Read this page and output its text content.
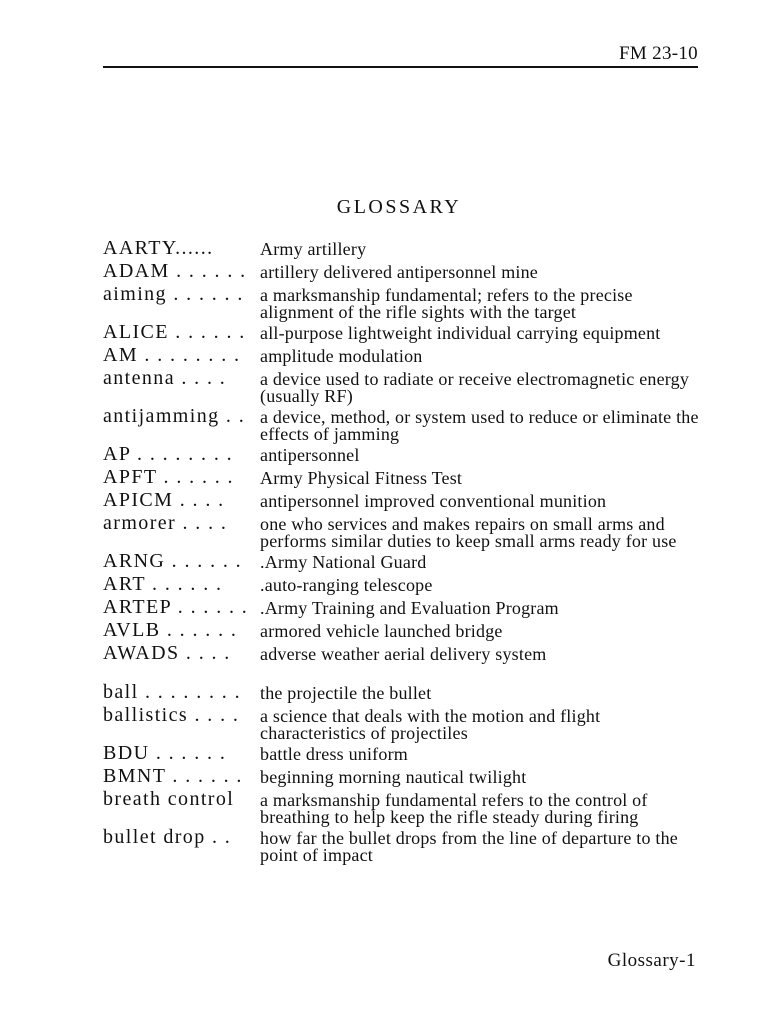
FM 23-10
GLOSSARY
AARTY......	Army artillery
ADAM . . . . . . artillery delivered antipersonnel mine
aiming . . . . . . a marksmanship fundamental; refers to the precise alignment of the rifle sights with the target
ALICE . . . . . . all-purpose lightweight individual carrying equipment
AM . . . . . . . .	amplitude modulation
antenna . . . .	a device used to radiate or receive electromagnetic energy (usually RF)
antijamming . . a device, method, or system used to reduce or eliminate the effects of jamming
AP . . . . . . . .	antipersonnel
APFT . . . . . .	Army Physical Fitness Test
APICM . . . .	antipersonnel improved conventional munition
armorer . . . .	one who services and makes repairs on small arms and performs similar duties to keep small arms ready for use
ARNG . . . . . . .Army National Guard
ART . . . . . .	.auto-ranging telescope
ARTEP . . . . . . .Army Training and Evaluation Program
AVLB . . . . . .	armored vehicle launched bridge
AWADS . . . .	adverse weather aerial delivery system
ball . . . . . . . .	the projectile the bullet
ballistics . . . .	a science that deals with the motion and flight characteristics of projectiles
BDU . . . . . .	battle dress uniform
BMNT . . . . . . beginning morning nautical twilight
breath control	a marksmanship fundamental refers to the control of breathing to help keep the rifle steady during firing
bullet drop . .	how far the bullet drops from the line of departure to the point of impact
Glossary-1
